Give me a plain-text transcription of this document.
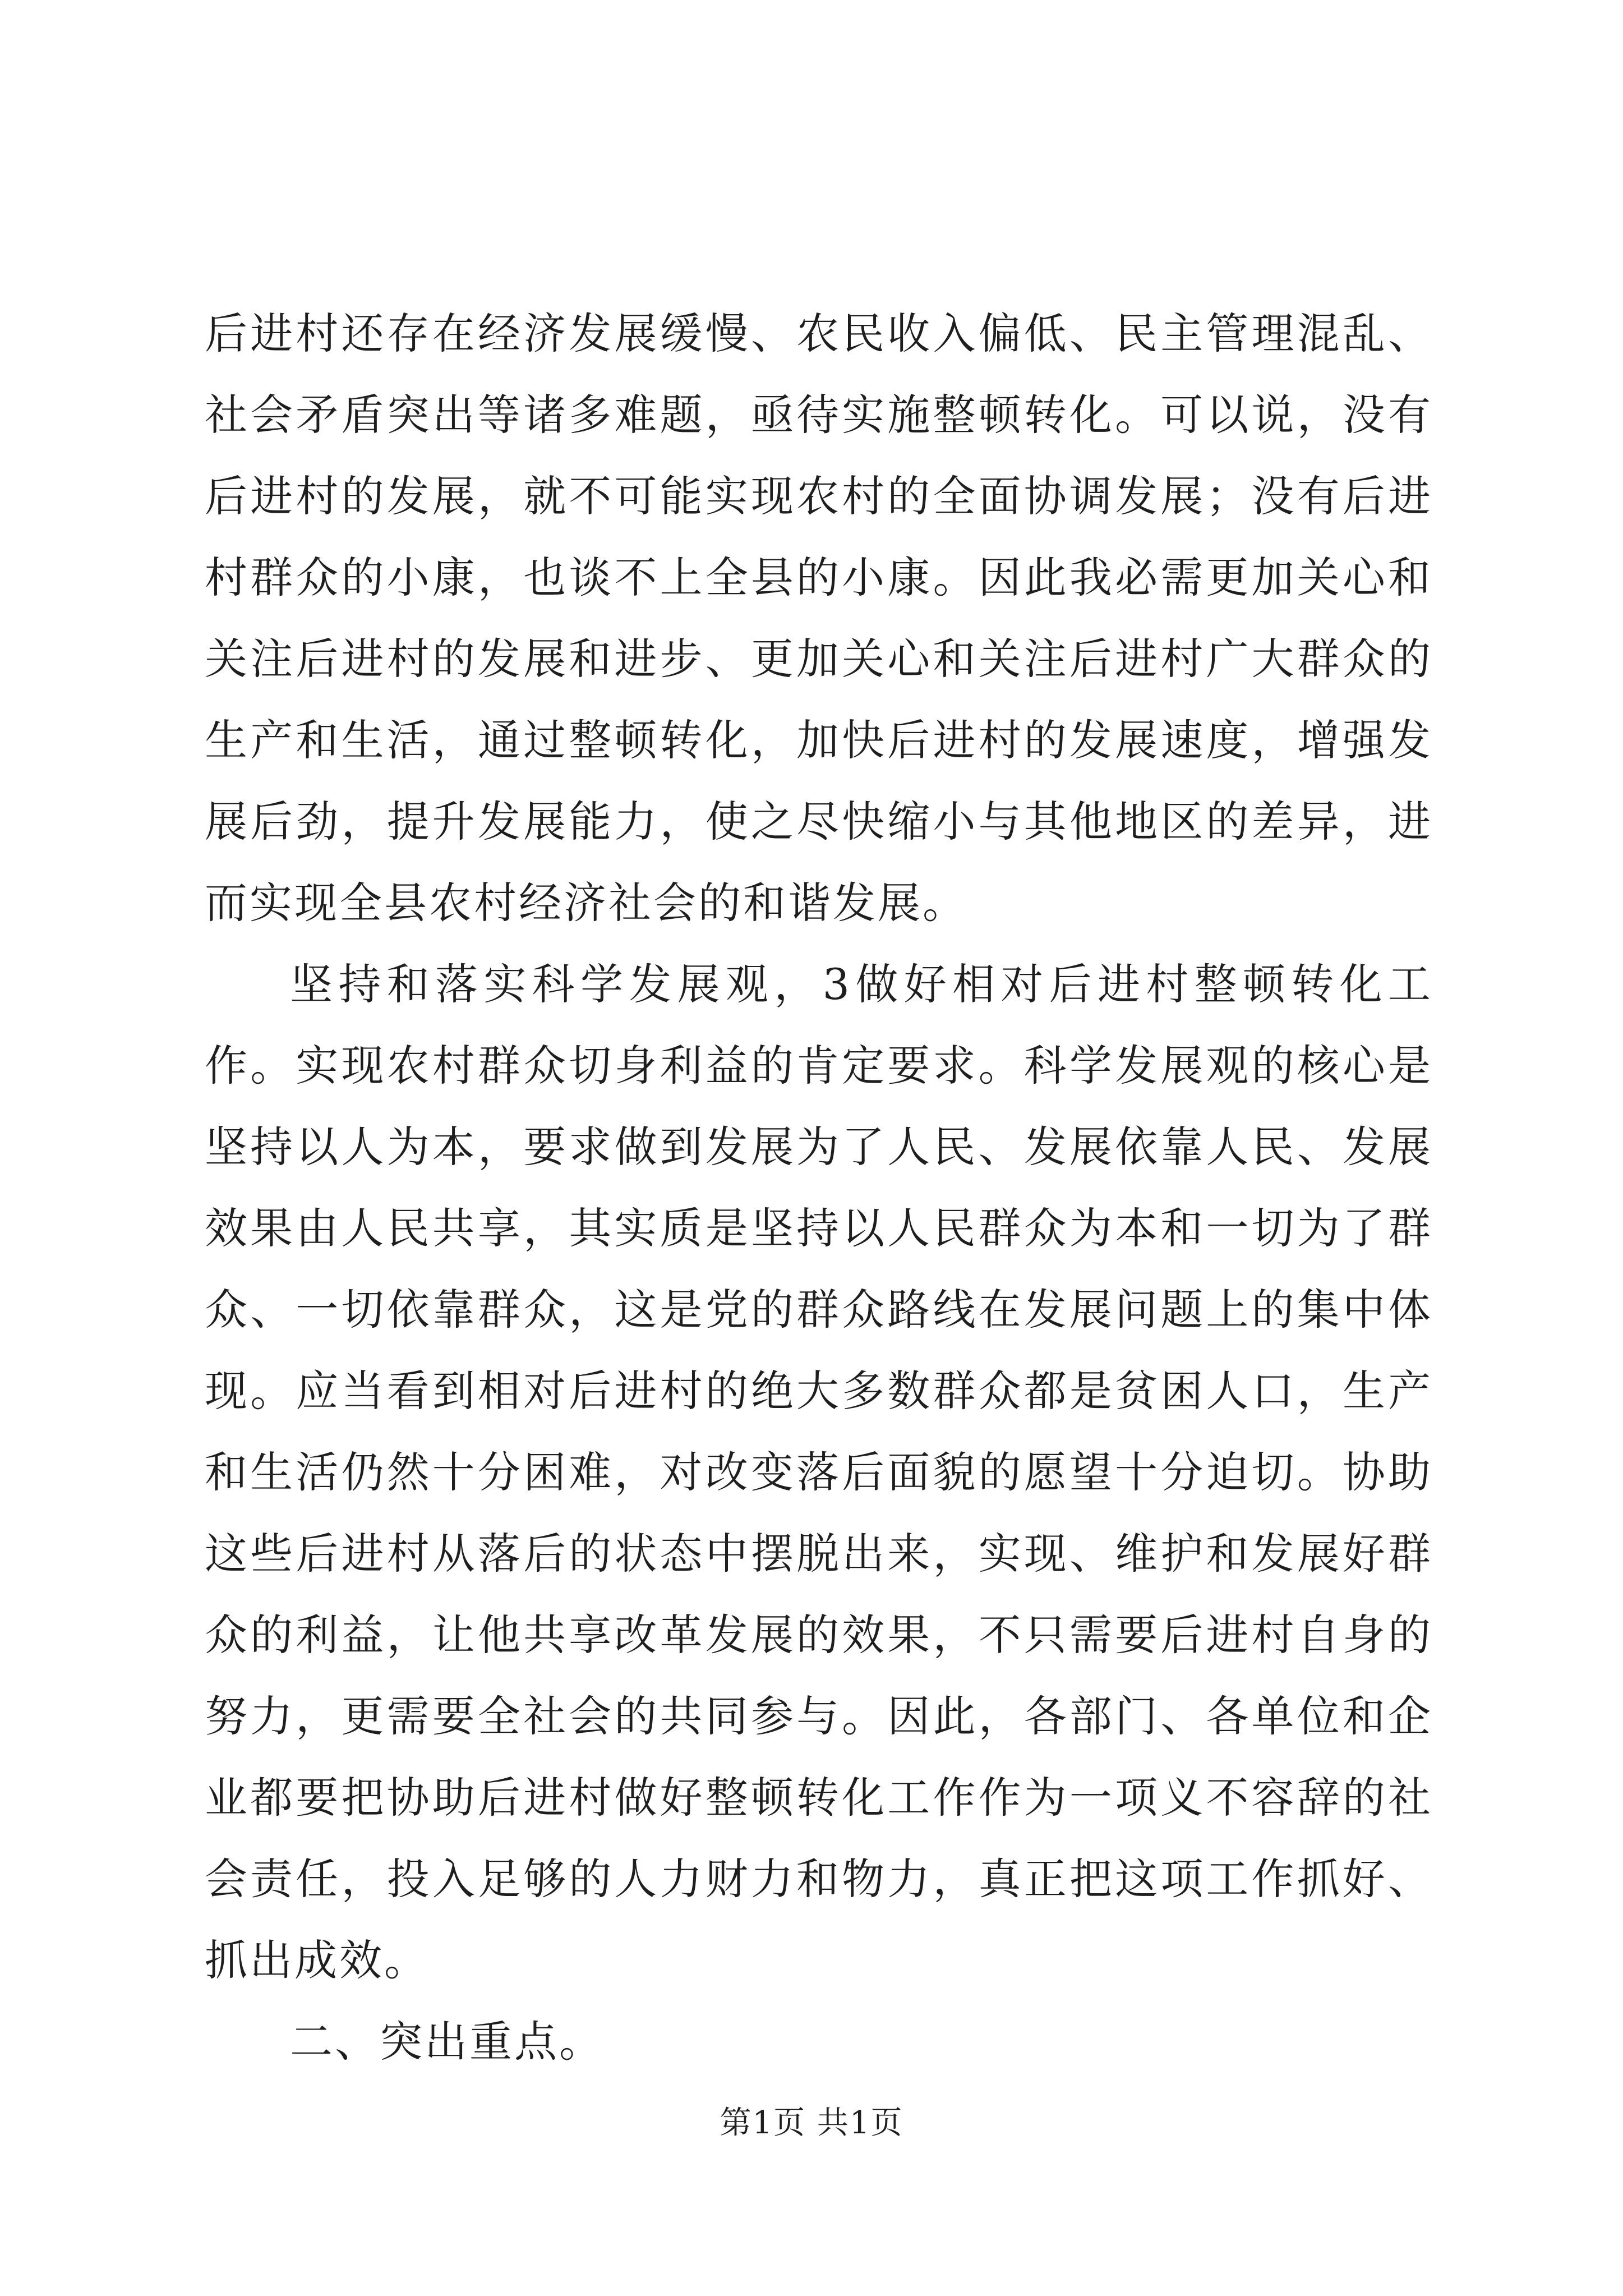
后进村还存在经济发展缓慢、农民收入偏低、民主管理混乱、社会矛盾突出等诸多难题，亟待实施整顿转化。可以说，没有后进村的发展，就不可能实现农村的全面协调发展；没有后进村群众的小康，也谈不上全县的小康。因此我必需更加关心和关注后进村的发展和进步、更加关心和关注后进村广大群众的生产和生活，通过整顿转化，加快后进村的发展速度，增强发展后劲，提升发展能力，使之尽快缩小与其他地区的差异，进而实现全县农村经济社会的和谐发展。

坚持和落实科学发展观，3做好相对后进村整顿转化工作。实现农村群众切身利益的肯定要求。科学发展观的核心是坚持以人为本，要求做到发展为了人民、发展依靠人民、发展效果由人民共享，其实质是坚持以人民群众为本和一切为了群众、一切依靠群众，这是党的群众路线在发展问题上的集中体现。应当看到相对后进村的绝大多数群众都是贫困人口，生产和生活仍然十分困难，对改变落后面貌的愿望十分迫切。协助这些后进村从落后的状态中摆脱出来，实现、维护和发展好群众的利益，让他共享改革发展的效果，不只需要后进村自身的努力，更需要全社会的共同参与。因此，各部门、各单位和企业都要把协助后进村做好整顿转化工作作为一项义不容辞的社会责任，投入足够的人力财力和物力，真正把这项工作抓好、抓出成效。

二、突出重点。

第1页 共1页
